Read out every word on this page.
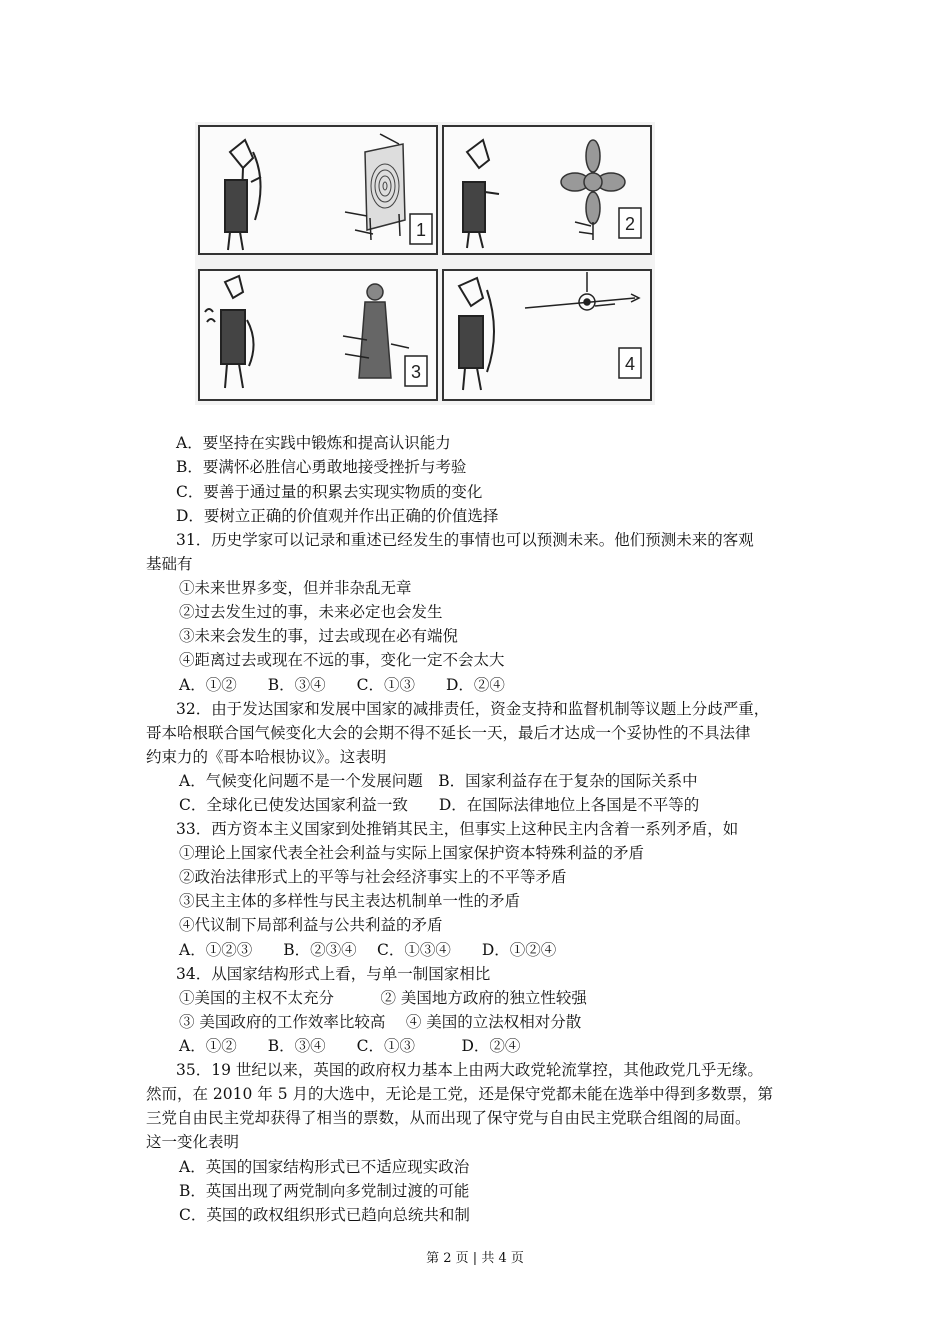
1	2
3	4
A．要坚持在实践中锻炼和提高认识能力
B．要满怀必胜信心勇敢地接受挫折与考验
C．要善于通过量的积累去实现实物质的变化
D．要树立正确的价值观并作出正确的价值选择
31．历史学家可以记录和重述已经发生的事情也可以预测未来。他们预测未来的客观
基础有
①未来世界多变，但并非杂乱无章
②过去发生过的事，未来必定也会发生
③未来会发生的事，过去或现在必有端倪
④距离过去或现在不远的事，变化一定不会太大
A．①②　　B．③④　　C．①③　　D．②④
32．由于发达国家和发展中国家的减排责任，资金支持和监督机制等议题上分歧严重，
哥本哈根联合国气候变化大会的会期不得不延长一天，最后才达成一个妥协性的不具法律
约束力的《哥本哈根协议》。这表明
A．气候变化问题不是一个发展问题　B．国家利益存在于复杂的国际关系中
C．全球化已使发达国家利益一致　　D．在国际法律地位上各国是不平等的
33．西方资本主义国家到处推销其民主，但事实上这种民主内含着一系列矛盾，如
①理论上国家代表全社会利益与实际上国家保护资本特殊利益的矛盾
②政治法律形式上的平等与社会经济事实上的不平等矛盾
③民主主体的多样性与民主表达机制单一性的矛盾
④代议制下局部利益与公共利益的矛盾
A．①②③　　B．②③④　 C．①③④　　D．①②④
34．从国家结构形式上看，与单一制国家相比
①美国的主权不太充分　　　② 美国地方政府的独立性较强
③ 美国政府的工作效率比较高　 ④ 美国的立法权相对分散
A．①②　　B．③④　　C．①③　　　D．②④
35．19 世纪以来，英国的政府权力基本上由两大政党轮流掌控，其他政党几乎无缘。
然而，在 2010 年 5 月的大选中，无论是工党，还是保守党都未能在选举中得到多数票，第
三党自由民主党却获得了相当的票数，从而出现了保守党与自由民主党联合组阁的局面。
这一变化表明
A．英国的国家结构形式已不适应现实政治
B．英国出现了两党制向多党制过渡的可能
C．英国的政权组织形式已趋向总统共和制
第 2 页 | 共 4 页
